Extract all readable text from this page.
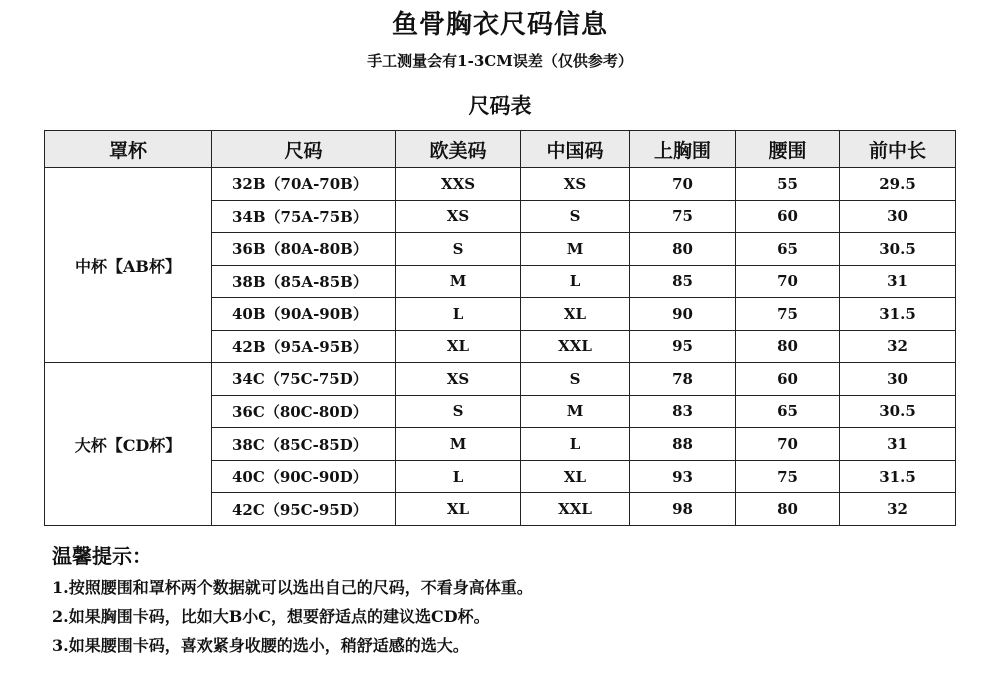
鱼骨胸衣尺码信息
手工测量会有1-3CM误差（仅供参考）
尺码表
罩杯	尺码	欧美码	中国码	上胸围	腰围	前中长
中杯【AB杯】	32B（70A-70B）	XXS	XS	70	55	29.5
	34B（75A-75B）	XS	S	75	60	30
	36B（80A-80B）	S	M	80	65	30.5
	38B（85A-85B）	M	L	85	70	31
	40B（90A-90B）	L	XL	90	75	31.5
	42B（95A-95B）	XL	XXL	95	80	32
大杯【CD杯】	34C（75C-75D）	XS	S	78	60	30
	36C（80C-80D）	S	M	83	65	30.5
	38C（85C-85D）	M	L	88	70	31
	40C（90C-90D）	L	XL	93	75	31.5
	42C（95C-95D）	XL	XXL	98	80	32
温馨提示：
1.按照腰围和罩杯两个数据就可以选出自己的尺码，不看身高体重。
2.如果胸围卡码，比如大B小C，想要舒适点的建议选CD杯。
3.如果腰围卡码，喜欢紧身收腰的选小，稍舒适感的选大。
